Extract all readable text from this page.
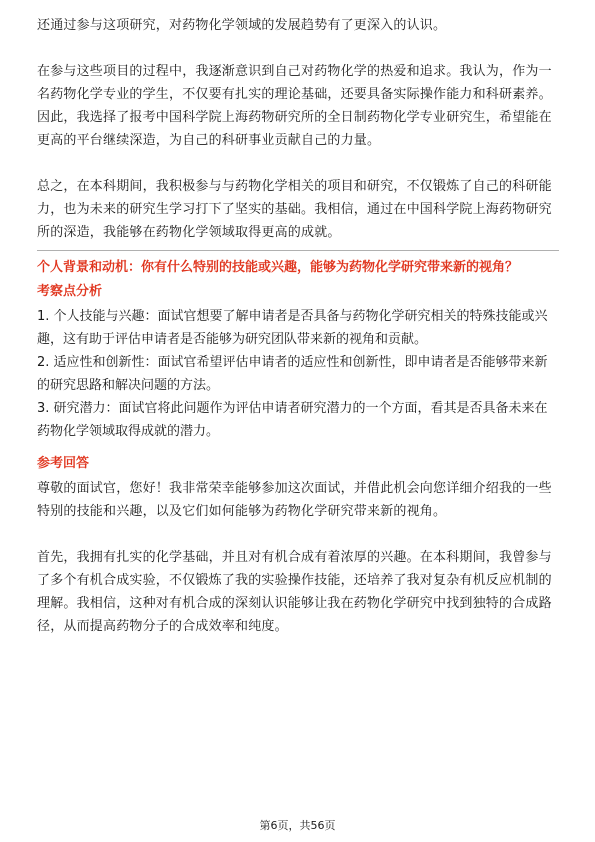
还通过参与这项研究，对药物化学领域的发展趋势有了更深入的认识。

在参与这些项目的过程中，我逐渐意识到自己对药物化学的热爱和追求。我认为，作为一名药物化学专业的学生，不仅要有扎实的理论基础，还要具备实际操作能力和科研素养。因此，我选择了报考中国科学院上海药物研究所的全日制药物化学专业研究生，希望能在更高的平台继续深造，为自己的科研事业贡献自己的力量。

总之，在本科期间，我积极参与与药物化学相关的项目和研究，不仅锻炼了自己的科研能力，也为未来的研究生学习打下了坚实的基础。我相信，通过在中国科学院上海药物研究所的深造，我能够在药物化学领域取得更高的成就。

个人背景和动机：你有什么特别的技能或兴趣，能够为药物化学研究带来新的视角？

考察点分析

1. 个人技能与兴趣：面试官想要了解申请者是否具备与药物化学研究相关的特殊技能或兴趣，这有助于评估申请者是否能够为研究团队带来新的视角和贡献。

2. 适应性和创新性：面试官希望评估申请者的适应性和创新性，即申请者是否能够带来新的研究思路和解决问题的方法。

3. 研究潜力：面试官将此问题作为评估申请者研究潜力的一个方面，看其是否具备未来在药物化学领域取得成就的潜力。

参考回答

尊敬的面试官，您好！我非常荣幸能够参加这次面试，并借此机会向您详细介绍我的一些特别的技能和兴趣，以及它们如何能够为药物化学研究带来新的视角。

首先，我拥有扎实的化学基础，并且对有机合成有着浓厚的兴趣。在本科期间，我曾参与了多个有机合成实验，不仅锻炼了我的实验操作技能，还培养了我对复杂有机反应机制的理解。我相信，这种对有机合成的深刻认识能够让我在药物化学研究中找到独特的合成路径，从而提高药物分子的合成效率和纯度。

第6页，共56页
